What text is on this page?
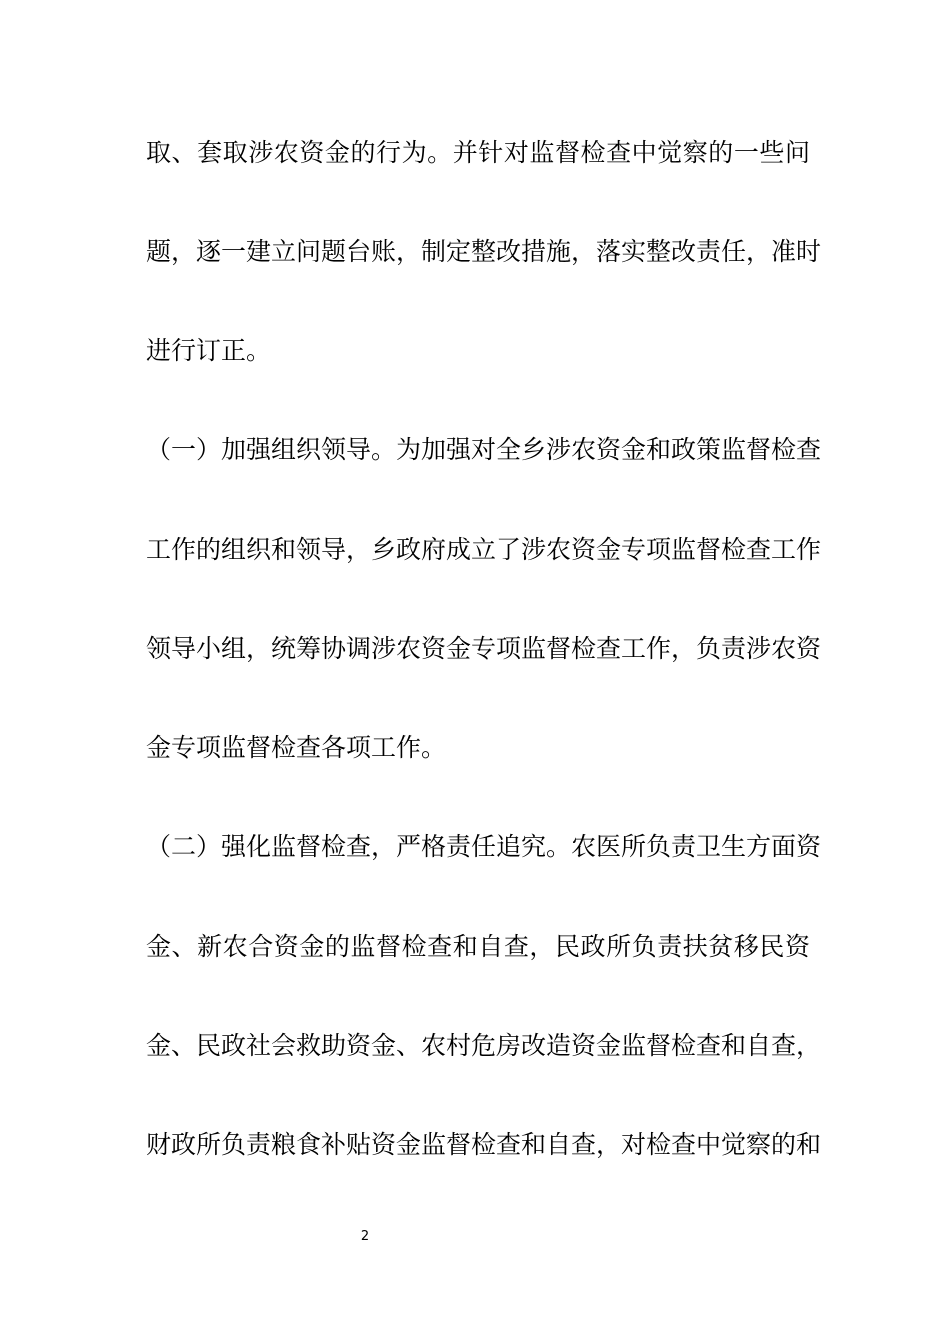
取、套取涉农资金的行为。并针对监督检查中觉察的一些问
题，逐一建立问题台账，制定整改措施，落实整改责任，准时
进行订正。
（一）加强组织领导。为加强对全乡涉农资金和政策监督检查
工作的组织和领导，乡政府成立了涉农资金专项监督检查工作
领导小组，统筹协调涉农资金专项监督检查工作，负责涉农资
金专项监督检查各项工作。
（二）强化监督检查，严格责任追究。农医所负责卫生方面资
金、新农合资金的监督检查和自查，民政所负责扶贫移民资
金、民政社会救助资金、农村危房改造资金监督检查和自查，
财政所负责粮食补贴资金监督检查和自查，对检查中觉察的和
2
